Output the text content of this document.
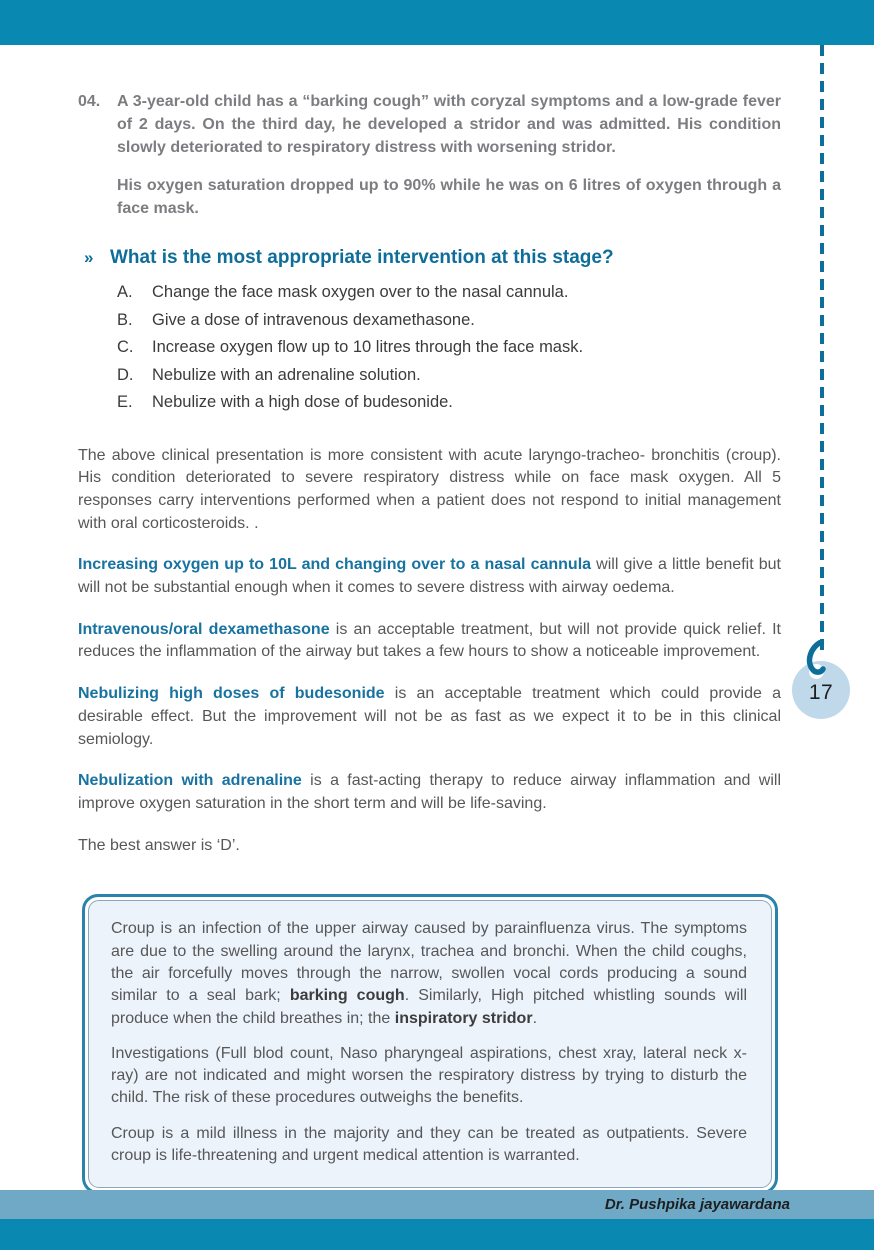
17
04.	A 3-year-old child has a “barking cough” with coryzal symptoms and a low-grade fever of 2 days. On the third day, he developed a stridor and was admitted. His condition slowly deteriorated to respiratory distress with worsening stridor.
His oxygen saturation dropped up to 90% while he was on 6 litres of oxygen through a face mask.
» What is the most appropriate intervention at this stage?
A.	Change the face mask oxygen over to the nasal cannula.
B.	Give a dose of intravenous dexamethasone.
C.	Increase oxygen flow up to 10 litres through the face mask.
D.	Nebulize with an adrenaline solution.
E.	Nebulize with a high dose of budesonide.

The above clinical presentation is more consistent with acute laryngo-tracheo- bronchitis (croup). His condition deteriorated to severe respiratory distress while on face mask oxygen. All 5 responses carry interventions performed when a patient does not respond to initial management with oral corticosteroids. .

Increasing oxygen up to 10L and changing over to a nasal cannula will give a little benefit but will not be substantial enough when it comes to severe distress with airway oedema.

Intravenous/oral dexamethasone is an acceptable treatment, but will not provide quick relief. It reduces the inflammation of the airway but takes a few hours to show a noticeable improvement.

Nebulizing high doses of budesonide is an acceptable treatment which could provide a desirable effect. But the improvement will not be as fast as we expect it to be in this clinical semiology.

Nebulization with adrenaline is a fast-acting therapy to reduce airway inflammation and will improve oxygen saturation in the short term and will be life-saving.

The best answer is ‘D’.

Croup is an infection of the upper airway caused by parainfluenza virus. The symptoms are due to the swelling around the larynx, trachea and bronchi. When the child coughs, the air forcefully moves through the narrow, swollen vocal cords producing a sound similar to a seal bark; barking cough. Similarly, High pitched whistling sounds will produce when the child breathes in; the inspiratory stridor.

Investigations (Full blod count, Naso pharyngeal aspirations, chest xray, lateral neck x-ray) are not indicated and might worsen the respiratory distress by trying to disturb the child. The risk of these procedures outweighs the benefits.

Croup is a mild illness in the majority and they can be treated as outpatients. Severe croup is life-threatening and urgent medical attention is warranted.

Dr. Pushpika jayawardana
